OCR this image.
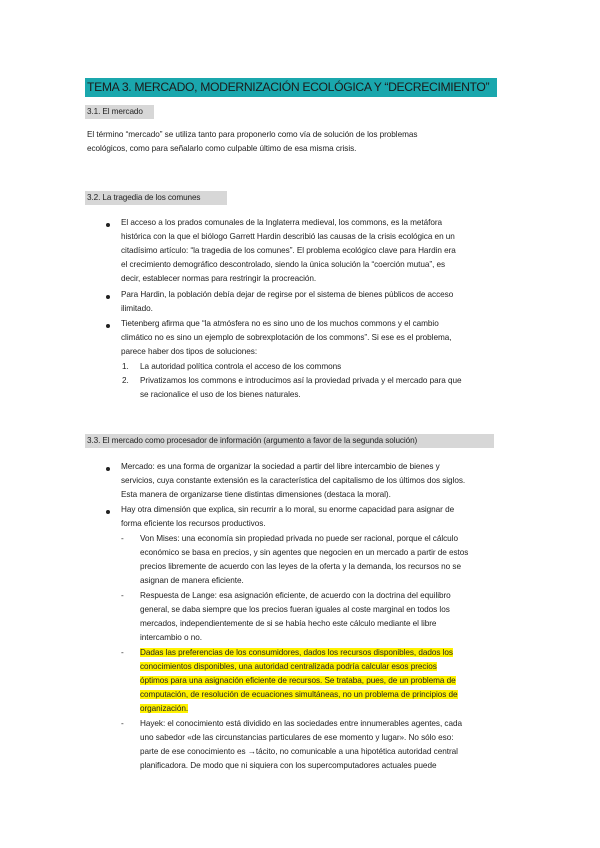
TEMA 3. MERCADO, MODERNIZACIÓN ECOLÓGICA Y “DECRECIMIENTO”
3.1. El mercado
El término “mercado” se utiliza tanto para proponerlo como vía de solución de los problemas
ecológicos, como para señalarlo como culpable último de esa misma crisis.
3.2. La tragedia de los comunes
El acceso a los prados comunales de la Inglaterra medieval, los commons, es la metáfora
histórica con la que el biólogo Garrett Hardin describió las causas de la crisis ecológica en un
citadísimo artículo: “la tragedia de los comunes”. El problema ecológico clave para Hardin era
el crecimiento demográfico descontrolado, siendo la única solución la “coerción mutua”, es
decir, establecer normas para restringir la procreación.
Para Hardin, la población debía dejar de regirse por el sistema de bienes públicos de acceso
ilimitado.
Tietenberg afirma que “la atmósfera no es sino uno de los muchos commons y el cambio
climático no es sino un ejemplo de sobrexplotación de los commons”. Si ese es el problema,
parece haber dos tipos de soluciones:
1. La autoridad política controla el acceso de los commons
2. Privatizamos los commons e introducimos así la proviedad privada y el mercado para que
se racionalice el uso de los bienes naturales.
3.3. El mercado como procesador de información (argumento a favor de la segunda solución)
Mercado: es una forma de organizar la sociedad a partir del libre intercambio de bienes y
servicios, cuya constante extensión es la característica del capitalismo de los últimos dos siglos.
Esta manera de organizarse tiene distintas dimensiones (destaca la moral).
Hay otra dimensión que explica, sin recurrir a lo moral, su enorme capacidad para asignar de
forma eficiente los recursos productivos.
- Von Mises: una economía sin propiedad privada no puede ser racional, porque el cálculo
económico se basa en precios, y sin agentes que negocien en un mercado a partir de estos
precios libremente de acuerdo con las leyes de la oferta y la demanda, los recursos no se
asignan de manera eficiente.
- Respuesta de Lange: esa asignación eficiente, de acuerdo con la doctrina del equilibro
general, se daba siempre que los precios fueran iguales al coste marginal en todos los
mercados, independientemente de si se había hecho este cálculo mediante el libre
intercambio o no.
- Dadas las preferencias de los consumidores, dados los recursos disponibles, dados los
conocimientos disponibles, una autoridad centralizada podría calcular esos precios
óptimos para una asignación eficiente de recursos. Se trataba, pues, de un problema de
computación, de resolución de ecuaciones simultáneas, no un problema de principios de
organización.
- Hayek: el conocimiento está dividido en las sociedades entre innumerables agentes, cada
uno sabedor «de las circunstancias particulares de ese momento y lugar». No sólo eso:
parte de ese conocimiento es →tácito, no comunicable a una hipotética autoridad central
planificadora. De modo que ni siquiera con los supercomputadores actuales puede
